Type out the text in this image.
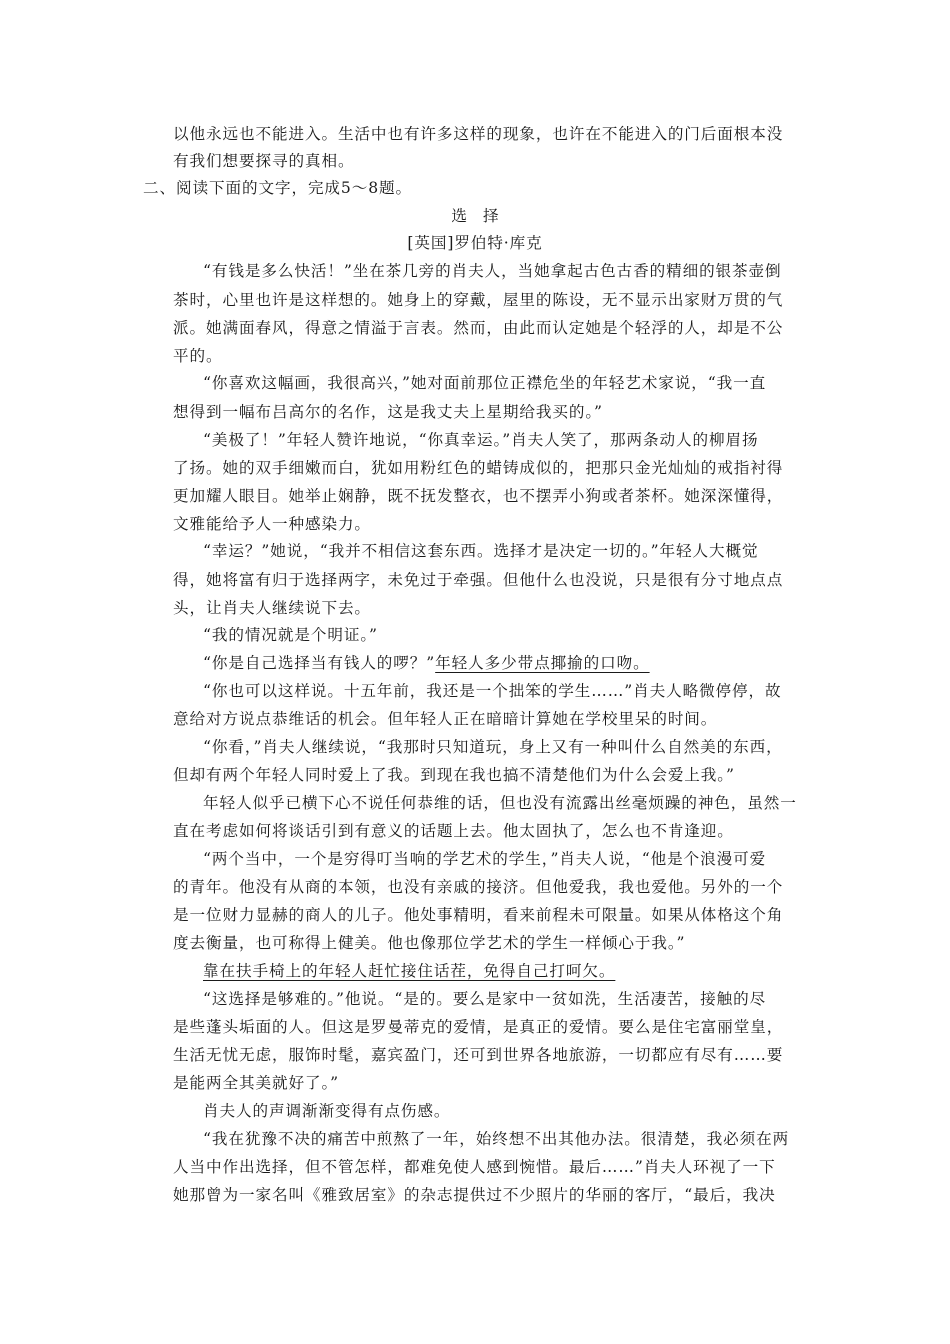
以他永远也不能进入。生活中也有许多这样的现象，也许在不能进入的门后面根本没
有我们想要探寻的真相。
二、阅读下面的文字，完成5～8题。
选择
[英国]罗伯特·库克
“有钱是多么快活！”坐在茶几旁的肖夫人，当她拿起古色古香的精细的银茶壶倒
茶时，心里也许是这样想的。她身上的穿戴，屋里的陈设，无不显示出家财万贯的气
派。她满面春风，得意之情溢于言表。然而，由此而认定她是个轻浮的人，却是不公
平的。
“你喜欢这幅画，我很高兴，”她对面前那位正襟危坐的年轻艺术家说，“我一直
想得到一幅布吕高尔的名作，这是我丈夫上星期给我买的。”
“美极了！”年轻人赞许地说，“你真幸运。”肖夫人笑了，那两条动人的柳眉扬
了扬。她的双手细嫩而白，犹如用粉红色的蜡铸成似的，把那只金光灿灿的戒指衬得
更加耀人眼目。她举止娴静，既不抚发整衣，也不摆弄小狗或者茶杯。她深深懂得，
文雅能给予人一种感染力。
“幸运？”她说，“我并不相信这套东西。选择才是决定一切的。”年轻人大概觉
得，她将富有归于选择两字，未免过于牵强。但他什么也没说，只是很有分寸地点点
头，让肖夫人继续说下去。
“我的情况就是个明证。”
“你是自己选择当有钱人的啰？”年轻人多少带点揶揄的口吻。
“你也可以这样说。十五年前，我还是一个拙笨的学生……”肖夫人略微停停，故
意给对方说点恭维话的机会。但年轻人正在暗暗计算她在学校里呆的时间。
“你看，”肖夫人继续说，“我那时只知道玩，身上又有一种叫什么自然美的东西，
但却有两个年轻人同时爱上了我。到现在我也搞不清楚他们为什么会爱上我。”
年轻人似乎已横下心不说任何恭维的话，但也没有流露出丝毫烦躁的神色，虽然一
直在考虑如何将谈话引到有意义的话题上去。他太固执了，怎么也不肯逢迎。
“两个当中，一个是穷得叮当响的学艺术的学生，”肖夫人说，“他是个浪漫可爱
的青年。他没有从商的本领，也没有亲戚的接济。但他爱我，我也爱他。另外的一个
是一位财力显赫的商人的儿子。他处事精明，看来前程未可限量。如果从体格这个角
度去衡量，也可称得上健美。他也像那位学艺术的学生一样倾心于我。”
靠在扶手椅上的年轻人赶忙接住话茬，免得自己打呵欠。
“这选择是够难的。”他说。“是的。要么是家中一贫如洗，生活凄苦，接触的尽
是些蓬头垢面的人。但这是罗曼蒂克的爱情，是真正的爱情。要么是住宅富丽堂皇，
生活无忧无虑，服饰时髦，嘉宾盈门，还可到世界各地旅游，一切都应有尽有……要
是能两全其美就好了。”
肖夫人的声调渐渐变得有点伤感。
“我在犹豫不决的痛苦中煎熬了一年，始终想不出其他办法。很清楚，我必须在两
人当中作出选择，但不管怎样，都难免使人感到惋惜。最后……”肖夫人环视了一下
她那曾为一家名叫《雅致居室》的杂志提供过不少照片的华丽的客厅，“最后，我决
